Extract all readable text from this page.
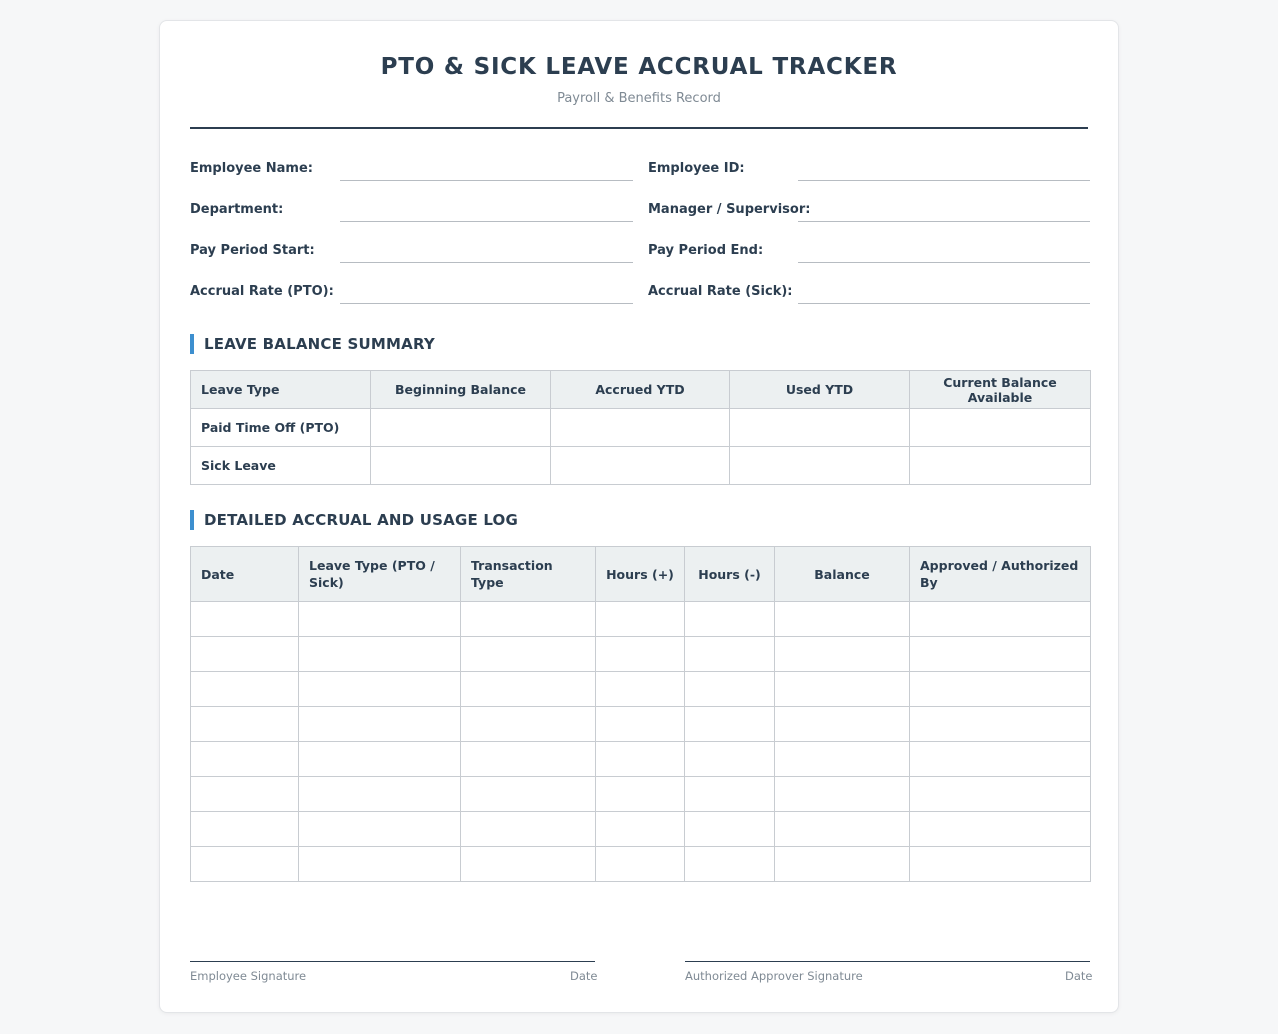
PTO & SICK LEAVE ACCRUAL TRACKER
Payroll & Benefits Record
Employee Name:	Employee ID:
Department:	Manager / Supervisor:
Pay Period Start:	Pay Period End:
Accrual Rate (PTO):	Accrual Rate (Sick):
LEAVE BALANCE SUMMARY
Leave Type	Beginning Balance	Accrued YTD	Used YTD	Current Balance Available
Paid Time Off (PTO)				
Sick Leave				
DETAILED ACCRUAL AND USAGE LOG
Date	Leave Type (PTO / Sick)	Transaction Type	Hours (+)	Hours (-)	Balance	Approved / Authorized By

Employee Signature	Date	Authorized Approver Signature	Date
